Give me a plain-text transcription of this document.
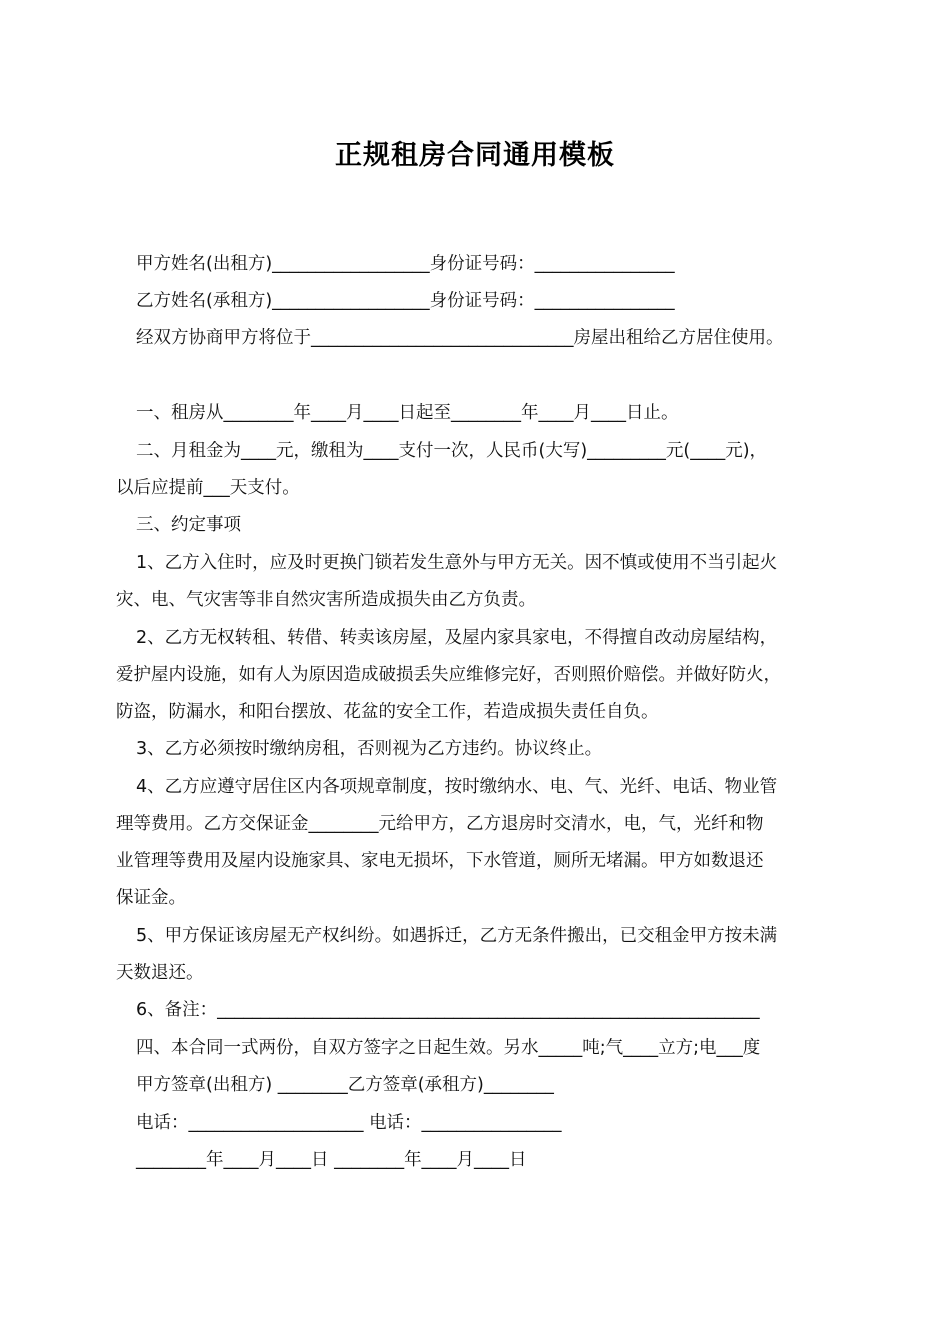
正规租房合同通用模板
甲方姓名(出租方)__________________身份证号码：________________
乙方姓名(承租方)__________________身份证号码：________________
经双方协商甲方将位于______________________________房屋出租给乙方居住使用。
一、租房从________年____月____日起至________年____月____日止。
二、月租金为____元，缴租为____支付一次，人民币(大写)_________元(____元)，
以后应提前___天支付。
三、约定事项
1、乙方入住时，应及时更换门锁若发生意外与甲方无关。因不慎或使用不当引起火
灾、电、气灾害等非自然灾害所造成损失由乙方负责。
2、乙方无权转租、转借、转卖该房屋，及屋内家具家电，不得擅自改动房屋结构，
爱护屋内设施，如有人为原因造成破损丢失应维修完好，否则照价赔偿。并做好防火，
防盗，防漏水，和阳台摆放、花盆的安全工作，若造成损失责任自负。
3、乙方必须按时缴纳房租，否则视为乙方违约。协议终止。
4、乙方应遵守居住区内各项规章制度，按时缴纳水、电、气、光纤、电话、物业管
理等费用。乙方交保证金________元给甲方，乙方退房时交清水，电，气，光纤和物
业管理等费用及屋内设施家具、家电无损坏，下水管道，厕所无堵漏。甲方如数退还
保证金。
5、甲方保证该房屋无产权纠纷。如遇拆迁，乙方无条件搬出，已交租金甲方按未满
天数退还。
6、备注：______________________________________________________________
四、本合同一式两份，自双方签字之日起生效。另水_____吨;气____立方;电___度
甲方签章(出租方) ________乙方签章(承租方)________
电话：____________________ 电话：________________
________年____月____日 ________年____月____日
